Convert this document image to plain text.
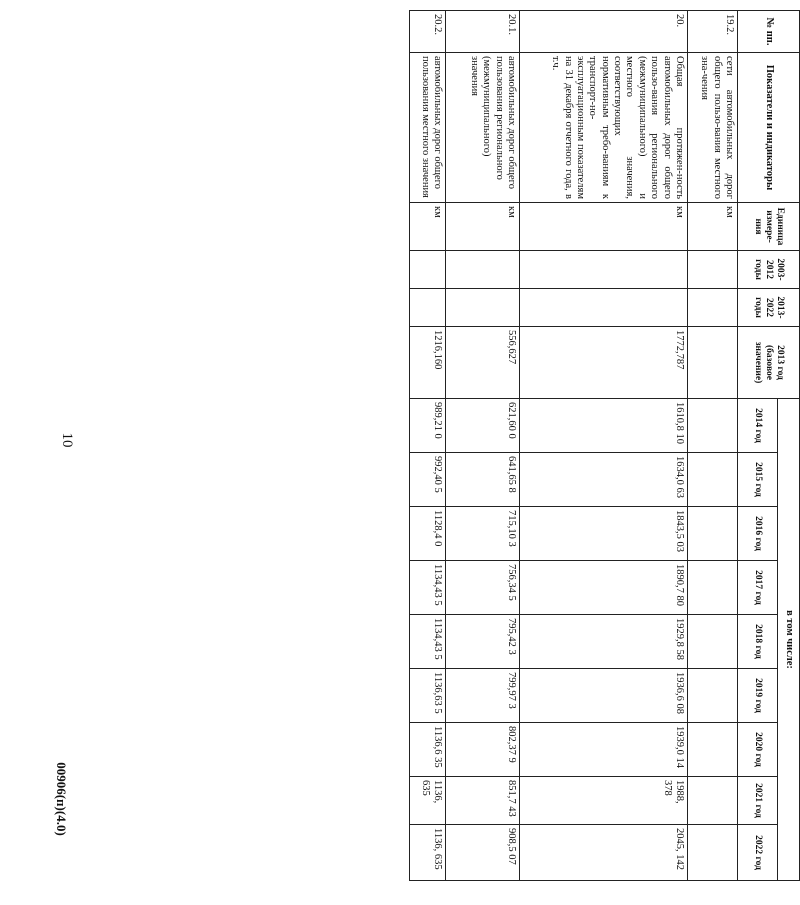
10
00906(п)(4.0)
№ пп.	Показатели и индикаторы	Единица измере-ния	2003-2012 годы	2013-2022 годы	2013 год (базовое значение)	в том числе:								
						2014 год	2015 год	2016 год	2017 год	2018 год	2019 год	2020 год	2021 год	2022 год
19.2.	сети автомобильных дорог общего пользо-вания местного зна-чения	км												
20.	Общая протяжен-ность автомобильных дорог общего пользо-вания регионального (межмуниципального) и местного значения, соответствующих нормативным требо-ваниям к транспорт-но-эксплуатационным показателям на 31 декабря отчетного года, в т.ч.	км			1772,787	1610,8 10	1634,0 63	1843,5 03	1890,7 80	1929,8 58	1936,6 08	1939,0 14	1988, 378	2045, 142
20.1.	автомобильных дорог общего пользования регионального (межмуниципального) значения	км			556,627	621,60 0	641,65 8	715,10 3	756,34 5	795,42 3	799,97 3	802,37 9	851,7 43	908,5 07
20.2.	автомобильных дорог общего пользования местного значения	км			1216,160	989,21 0	992,40 5	1128,4 0	1134,43 5	1134,43 5	1136,63 5	1136,6 35	1136, 635	1136, 635
